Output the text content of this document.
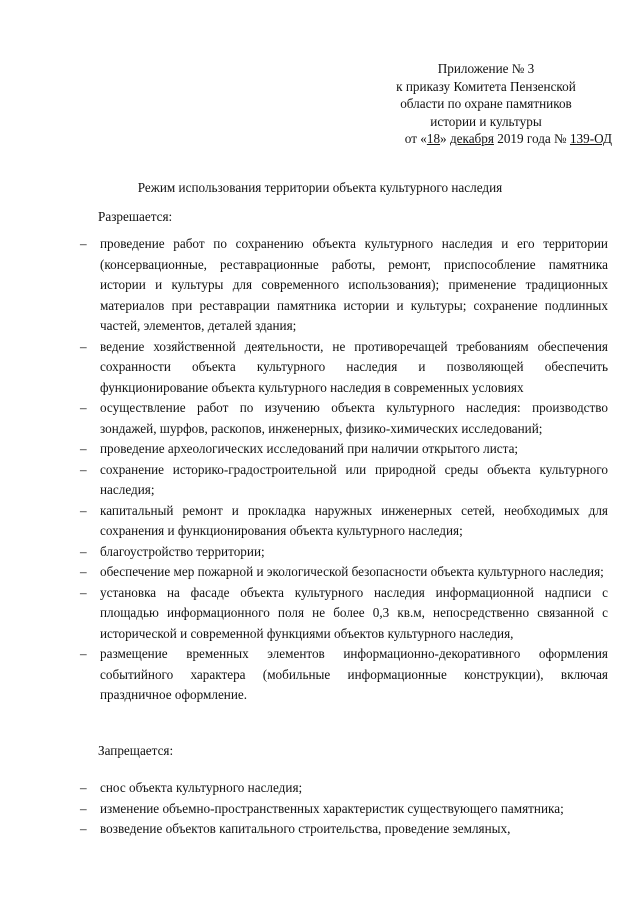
Приложение № 3
к приказу Комитета Пензенской
области по охране памятников
истории и культуры
от «18» декабря 2019 года № 139-ОД
Режим использования территории объекта культурного наследия
Разрешается:
– проведение работ по сохранению объекта культурного наследия и его территории (консервационные, реставрационные работы, ремонт, приспособление памятника истории и культуры для современного использования); применение традиционных материалов при реставрации памятника истории и культуры; сохранение подлинных частей, элементов, деталей здания;
– ведение хозяйственной деятельности, не противоречащей требованиям обеспечения сохранности объекта культурного наследия и позволяющей обеспечить функционирование объекта культурного наследия в современных условиях
– осуществление работ по изучению объекта культурного наследия: производство зондажей, шурфов, раскопов, инженерных, физико-химических исследований;
– проведение археологических исследований при наличии открытого листа;
– сохранение историко-градостроительной или природной среды объекта культурного наследия;
– капитальный ремонт и прокладка наружных инженерных сетей, необходимых для сохранения и функционирования объекта культурного наследия;
– благоустройство территории;
– обеспечение мер пожарной и экологической безопасности объекта культурного наследия;
– установка на фасаде объекта культурного наследия информационной надписи с площадью информационного поля не более 0,3 кв.м, непосредственно связанной с исторической и современной функциями объектов культурного наследия,
– размещение временных элементов информационно-декоративного оформления событийного характера (мобильные информационные конструкции), включая праздничное оформление.
Запрещается:
– снос объекта культурного наследия;
– изменение объемно-пространственных характеристик существующего памятника;
– возведение объектов капитального строительства, проведение земляных,
